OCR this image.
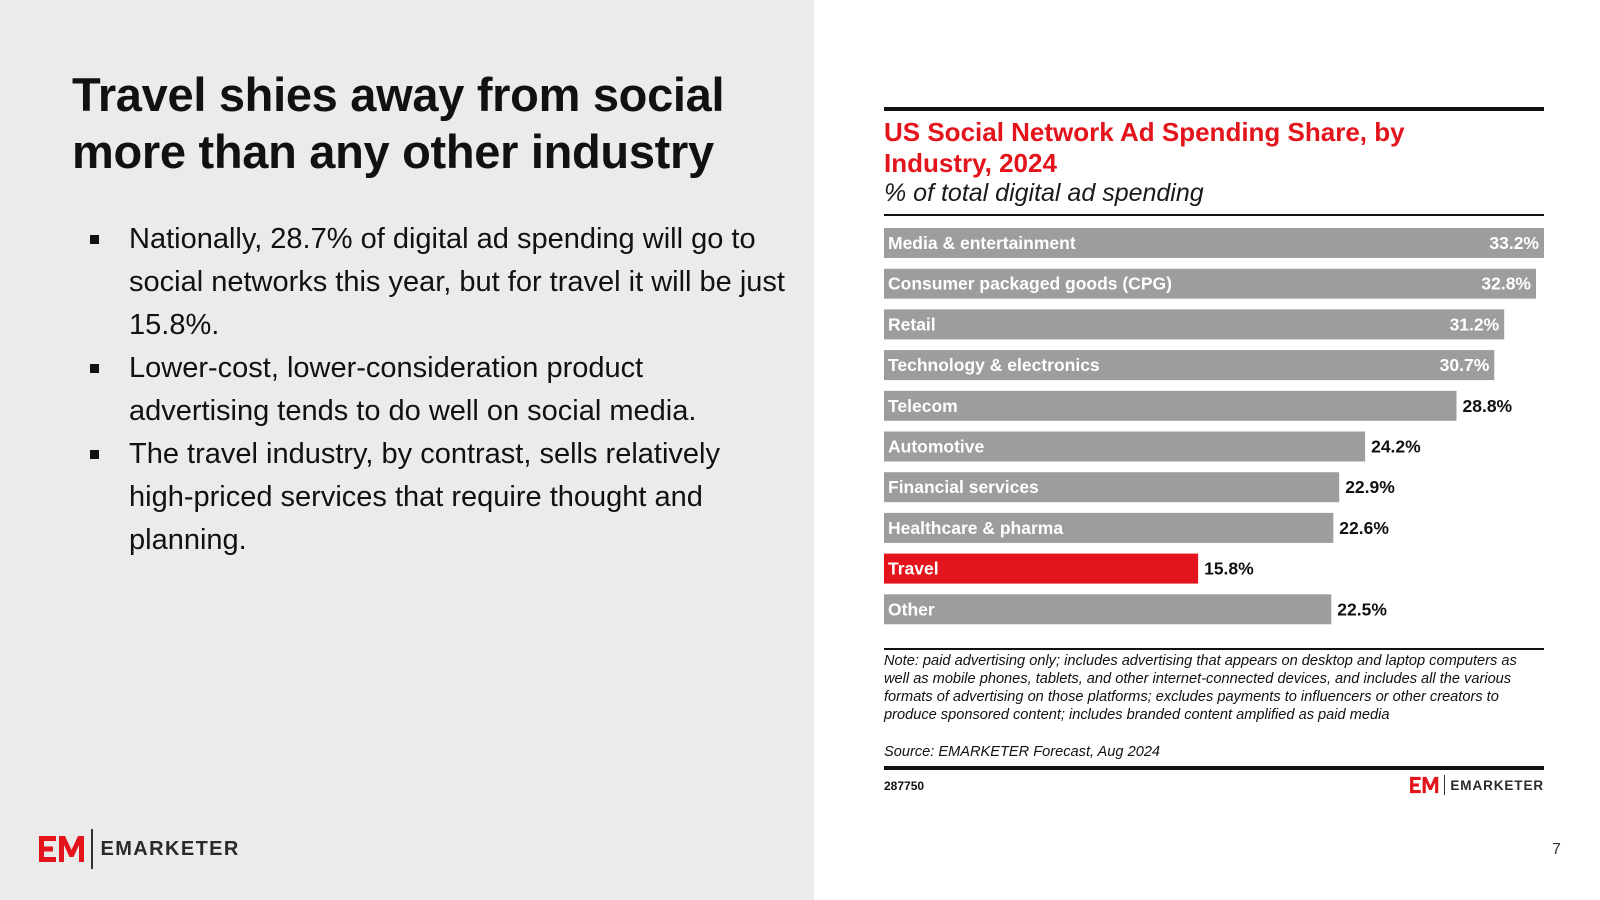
Travel shies away from social more than any other industry
Nationally, 28.7% of digital ad spending will go to social networks this year, but for travel it will be just 15.8%.
Lower-cost, lower-consideration product advertising tends to do well on social media.
The travel industry, by contrast, sells relatively high-priced services that require thought and planning.
EMARKETER
US Social Network Ad Spending Share, by Industry, 2024
% of total digital ad spending
Media & entertainment	33.2%
Consumer packaged goods (CPG)	32.8%
Retail	31.2%
Technology & electronics	30.7%
Telecom	28.8%
Automotive	24.2%
Financial services	22.9%
Healthcare & pharma	22.6%
Travel	15.8%
Other	22.5%
Note: paid advertising only; includes advertising that appears on desktop and laptop computers as well as mobile phones, tablets, and other internet-connected devices, and includes all the various formats of advertising on those platforms; excludes payments to influencers or other creators to produce sponsored content; includes branded content amplified as paid media
Source: EMARKETER Forecast, Aug 2024
287750	EMARKETER
7
